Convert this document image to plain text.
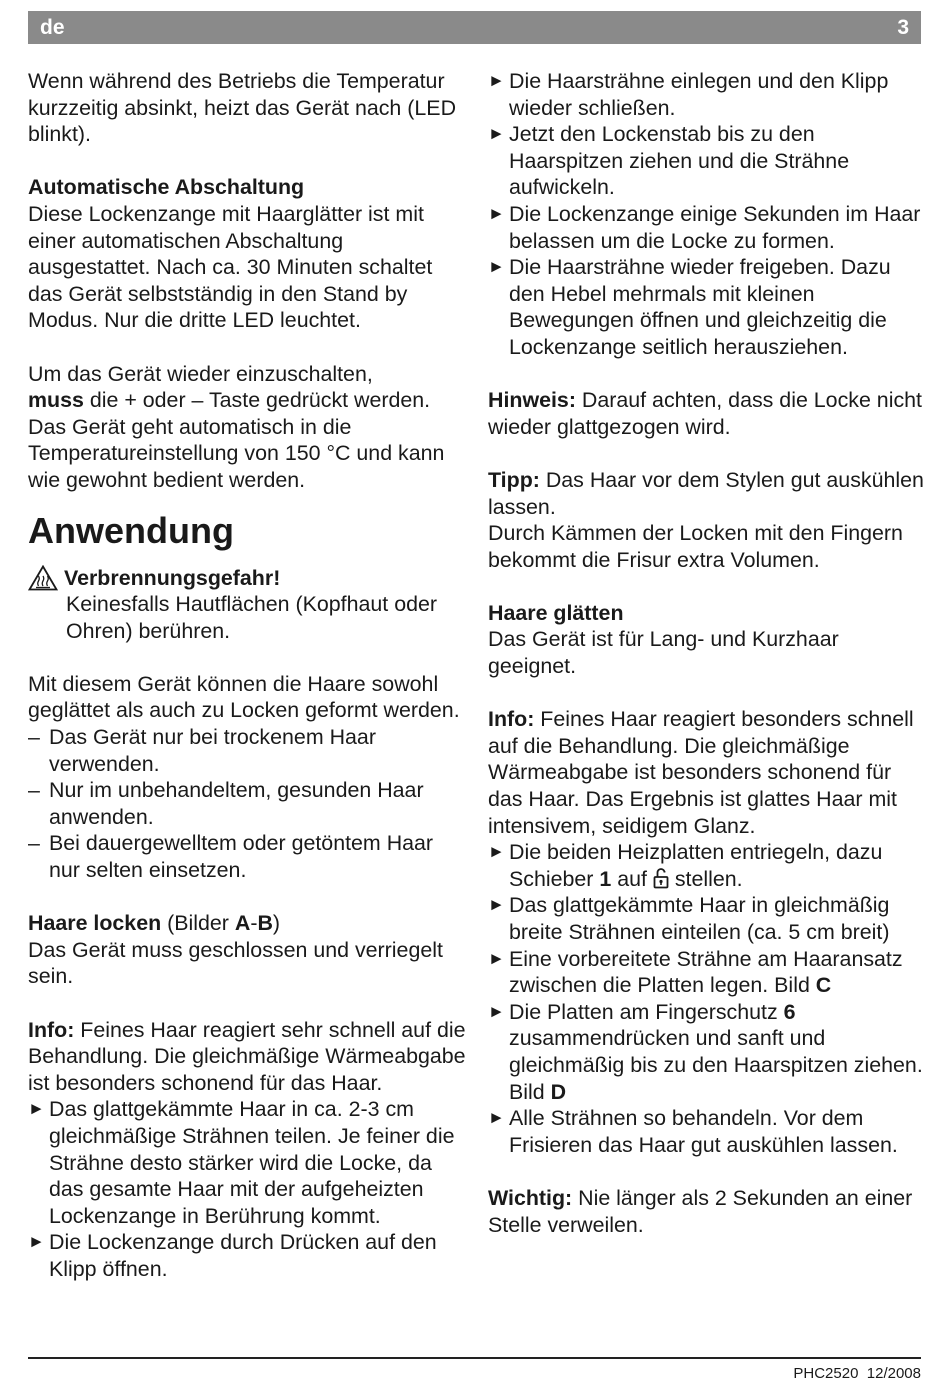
de	3

Wenn während des Betriebs die Temperatur kurzzeitig absinkt, heizt das Gerät nach (LED blinkt).

Automatische Abschaltung

Diese Lockenzange mit Haarglätter ist mit einer automatischen Abschaltung ausgestattet. Nach ca. 30 Minuten schaltet das Gerät selbstständig in den Stand by Modus. Nur die dritte LED leuchtet.

Um das Gerät wieder einzuschalten,
muss die + oder – Taste gedrückt werden. Das Gerät geht automatisch in die Temperatureinstellung von 150 °C und kann wie gewohnt bedient werden.

Anwendung
Verbrennungsgefahr!

Keinesfalls Hautflächen (Kopfhaut oder Ohren) berühren.

Mit diesem Gerät können die Haare sowohl geglättet als auch zu Locken geformt werden.

– Das Gerät nur bei trockenem Haar verwenden.

– Nur im unbehandeltem, gesunden Haar anwenden.

– Bei dauergewelltem oder getöntem Haar nur selten einsetzen.

Haare locken (Bilder A-B)

Das Gerät muss geschlossen und verriegelt sein.

Info: Feines Haar reagiert sehr schnell auf die Behandlung. Die gleichmäßige Wärmeabgabe ist besonders schonend für das Haar.

► Das glattgekämmte Haar in ca. 2-3 cm gleichmäßige Strähnen teilen. Je feiner die Strähne desto stärker wird die Locke, da das gesamte Haar mit der aufgeheizten Lockenzange in Berührung kommt.

► Die Lockenzange durch Drücken auf den Klipp öffnen.

► Die Haarsträhne einlegen und den Klipp wieder schließen.

► Jetzt den Lockenstab bis zu den Haarspitzen ziehen und die Strähne aufwickeln.

► Die Lockenzange einige Sekunden im Haar belassen um die Locke zu formen.

► Die Haarsträhne wieder freigeben. Dazu den Hebel mehrmals mit kleinen Bewegungen öffnen und gleichzeitig die Lockenzange seitlich herausziehen.

Hinweis: Darauf achten, dass die Locke nicht wieder glattgezogen wird.

Tipp: Das Haar vor dem Stylen gut auskühlen lassen.

Durch Kämmen der Locken mit den Fingern bekommt die Frisur extra Volumen.

Haare glätten

Das Gerät ist für Lang- und Kurzhaar geeignet.

Info: Feines Haar reagiert besonders schnell auf die Behandlung. Die gleichmäßige Wärmeabgabe ist besonders schonend für das Haar. Das Ergebnis ist glattes Haar mit intensivem, seidigem Glanz.

► Die beiden Heizplatten entriegeln, dazu Schieber 1 auf  stellen.

► Das glattgekämmte Haar in gleichmäßig breite Strähnen einteilen (ca. 5 cm breit)

► Eine vorbereitete Strähne am Haaransatz zwischen die Platten legen. Bild C

► Die Platten am Fingerschutz 6 zusammendrücken und sanft und gleichmäßig bis zu den Haarspitzen ziehen. Bild D

► Alle Strähnen so behandeln. Vor dem Frisieren das Haar gut auskühlen lassen.

Wichtig: Nie länger als 2 Sekunden an einer Stelle verweilen.

PHC2520 12/2008
